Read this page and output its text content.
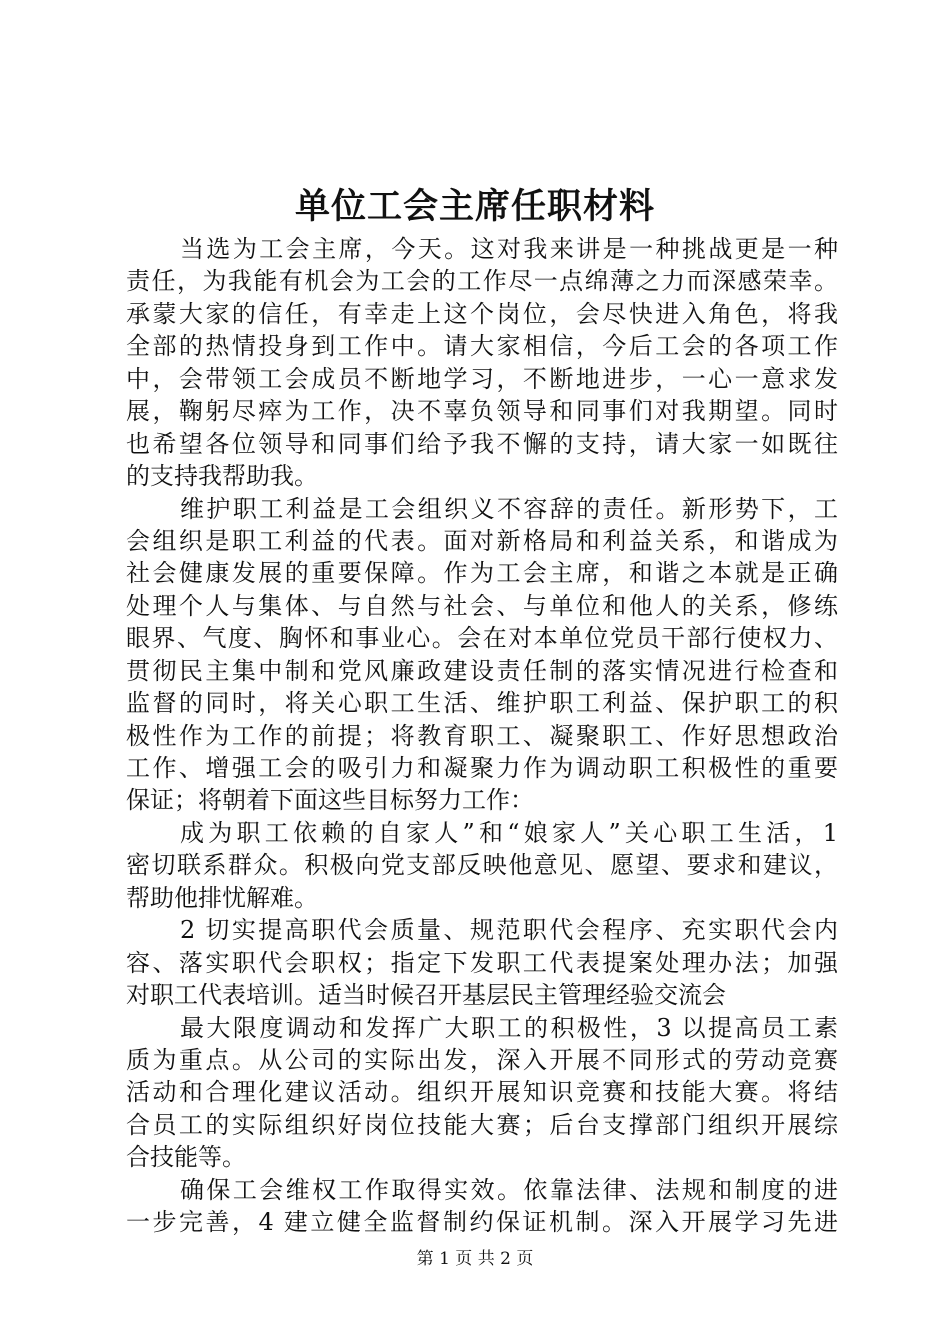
单位工会主席任职材料
当选为工会主席，今天。这对我来讲是一种挑战更是一种
责任，为我能有机会为工会的工作尽一点绵薄之力而深感荣幸。
承蒙大家的信任，有幸走上这个岗位，会尽快进入角色，将我
全部的热情投身到工作中。请大家相信，今后工会的各项工作
中，会带领工会成员不断地学习，不断地进步，一心一意求发
展，鞠躬尽瘁为工作，决不辜负领导和同事们对我期望。同时
也希望各位领导和同事们给予我不懈的支持，请大家一如既往
的支持我帮助我。
维护职工利益是工会组织义不容辞的责任。新形势下，工
会组织是职工利益的代表。面对新格局和利益关系，和谐成为
社会健康发展的重要保障。作为工会主席，和谐之本就是正确
处理个人与集体、与自然与社会、与单位和他人的关系，修练
眼界、气度、胸怀和事业心。会在对本单位党员干部行使权力、
贯彻民主集中制和党风廉政建设责任制的落实情况进行检查和
监督的同时，将关心职工生活、维护职工利益、保护职工的积
极性作为工作的前提；将教育职工、凝聚职工、作好思想政治
工作、增强工会的吸引力和凝聚力作为调动职工积极性的重要
保证；将朝着下面这些目标努力工作：
成为职工依赖的自家人”和“娘家人”关心职工生活，1
密切联系群众。积极向党支部反映他意见、愿望、要求和建议，
帮助他排忧解难。
2 切实提高职代会质量、规范职代会程序、充实职代会内
容、落实职代会职权；指定下发职工代表提案处理办法；加强
对职工代表培训。适当时候召开基层民主管理经验交流会
最大限度调动和发挥广大职工的积极性，3 以提高员工素
质为重点。从公司的实际出发，深入开展不同形式的劳动竞赛
活动和合理化建议活动。组织开展知识竞赛和技能大赛。将结
合员工的实际组织好岗位技能大赛；后台支撑部门组织开展综
合技能等。
确保工会维权工作取得实效。依靠法律、法规和制度的进
一步完善，4 建立健全监督制约保证机制。深入开展学习先进
第 1 页 共 2 页
